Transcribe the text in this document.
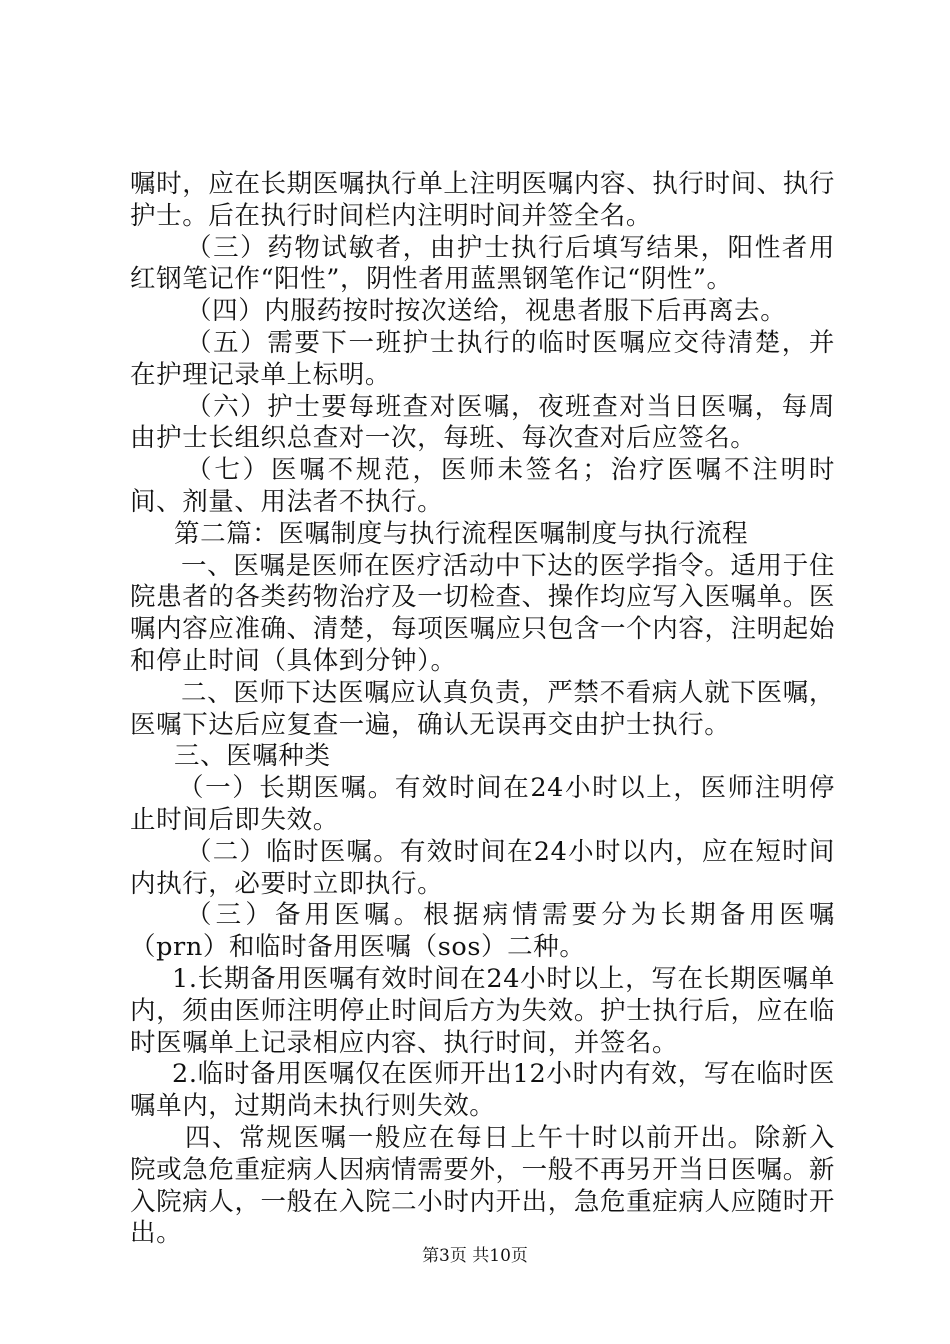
嘱时，应在长期医嘱执行单上注明医嘱内容、执行时间、执行护士。后在执行时间栏内注明时间并签全名。

（三）药物试敏者，由护士执行后填写结果，阳性者用红钢笔记作“阳性”，阴性者用蓝黑钢笔作记“阴性”。

（四）内服药按时按次送给，视患者服下后再离去。

（五）需要下一班护士执行的临时医嘱应交待清楚，并在护理记录单上标明。

（六）护士要每班查对医嘱，夜班查对当日医嘱，每周由护士长组织总查对一次，每班、每次查对后应签名。

（七）医嘱不规范，医师未签名；治疗医嘱不注明时间、剂量、用法者不执行。

第二篇：医嘱制度与执行流程医嘱制度与执行流程

一、医嘱是医师在医疗活动中下达的医学指令。适用于住院患者的各类药物治疗及一切检查、操作均应写入医嘱单。医嘱内容应准确、清楚，每项医嘱应只包含一个内容，注明起始和停止时间（具体到分钟）。

二、医师下达医嘱应认真负责，严禁不看病人就下医嘱，医嘱下达后应复查一遍，确认无误再交由护士执行。

三、医嘱种类

（一）长期医嘱。有效时间在24小时以上，医师注明停止时间后即失效。

（二）临时医嘱。有效时间在24小时以内，应在短时间内执行，必要时立即执行。

（三）备用医嘱。根据病情需要分为长期备用医嘱（prn）和临时备用医嘱（sos）二种。

1.长期备用医嘱有效时间在24小时以上，写在长期医嘱单内，须由医师注明停止时间后方为失效。护士执行后，应在临时医嘱单上记录相应内容、执行时间，并签名。

2.临时备用医嘱仅在医师开出12小时内有效，写在临时医嘱单内，过期尚未执行则失效。

四、常规医嘱一般应在每日上午十时以前开出。除新入院或急危重症病人因病情需要外，一般不再另开当日医嘱。新入院病人，一般在入院二小时内开出，急危重症病人应随时开出。

第3页 共10页
